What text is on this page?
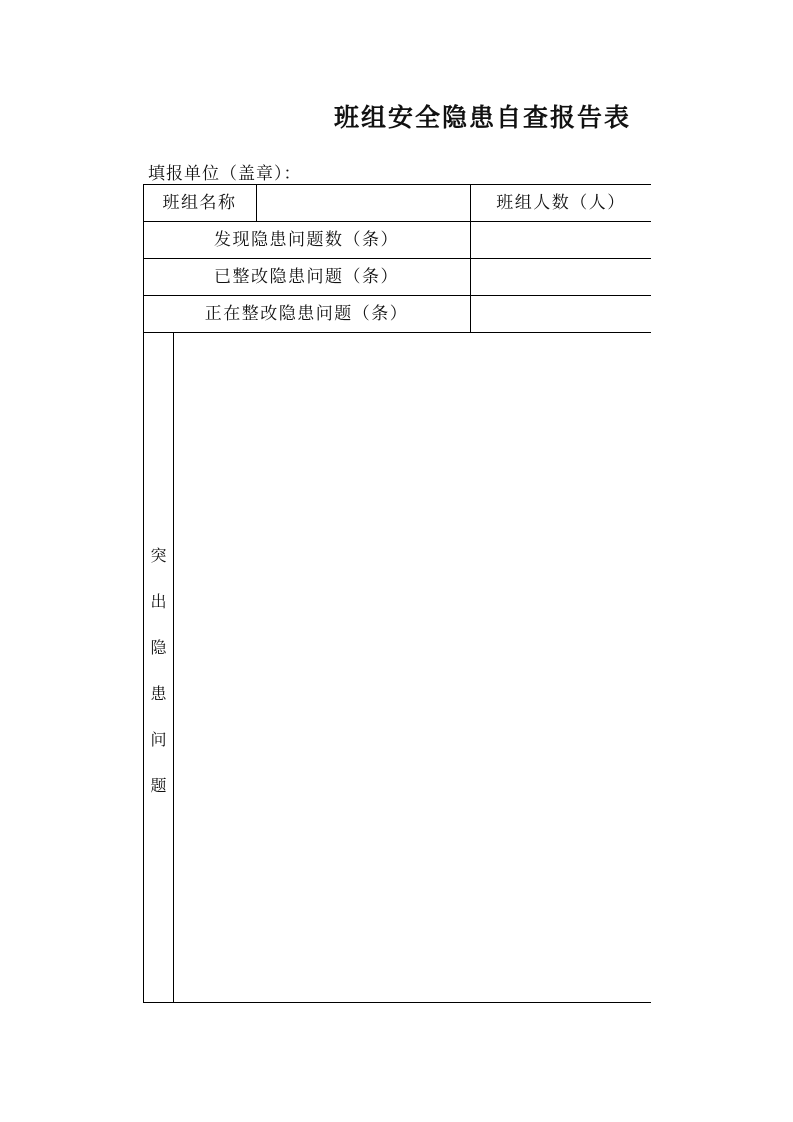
班组安全隐患自查报告表
填报单位（盖章）：
班组名称	班组人数（人）
发现隐患问题数（条）
已整改隐患问题（条）
正在整改隐患问题（条）
突
出
隐
患
问
题
